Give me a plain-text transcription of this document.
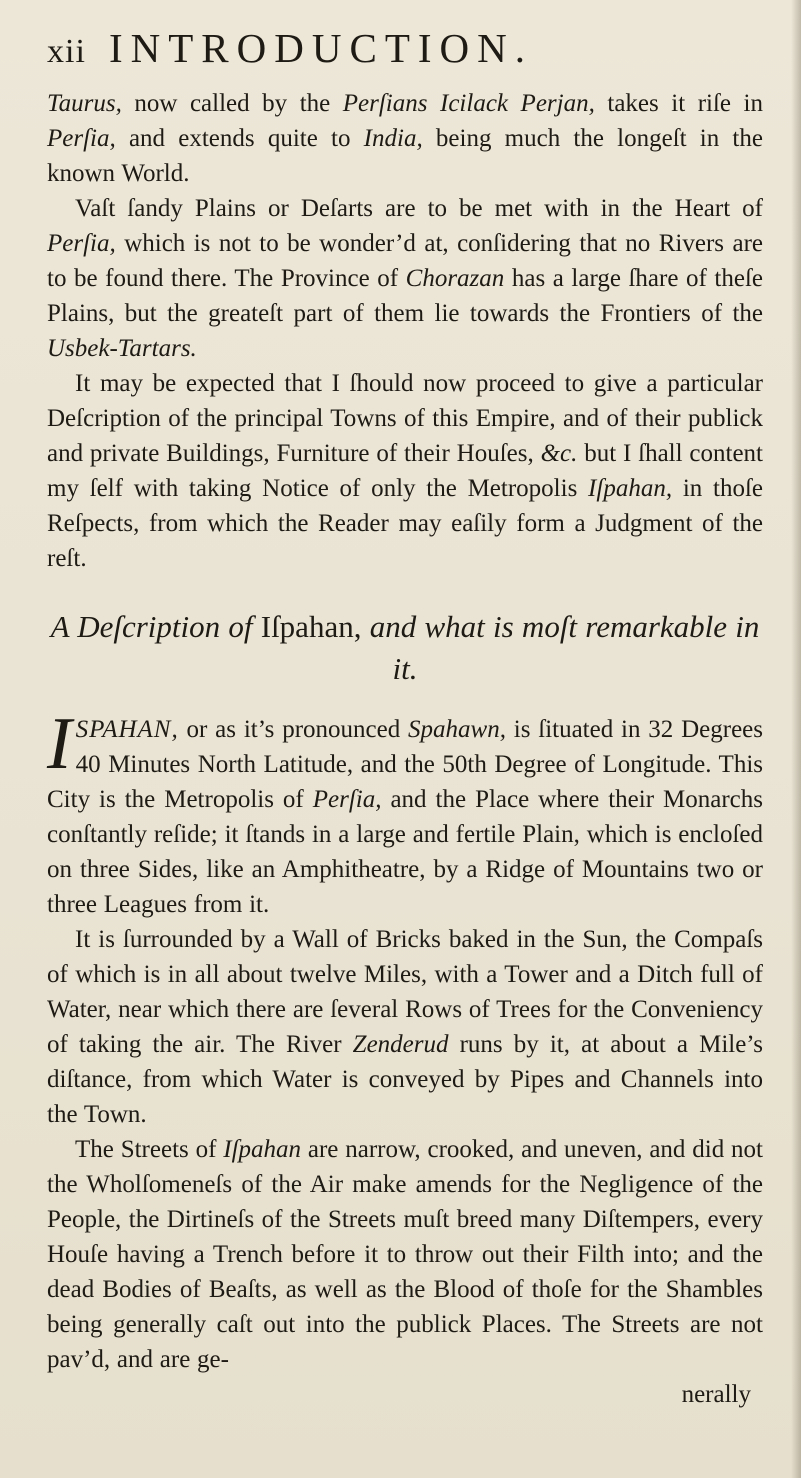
xii INTRODUCTION.

Taurus, now called by the Perſians Icilack Perjan, takes it riſe in Perſia, and extends quite to India, being much the longeſt in the known World.

Vaſt ſandy Plains or Deſarts are to be met with in the Heart of Perſia, which is not to be wonder’d at, conſidering that no Rivers are to be found there. The Province of Chorazan has a large ſhare of theſe Plains, but the greateſt part of them lie towards the Frontiers of the Usbek-Tartars.

It may be expected that I ſhould now proceed to give a particular Deſcription of the principal Towns of this Empire, and of their publick and private Buildings, Furniture of their Houſes, &c. but I ſhall content my ſelf with taking Notice of only the Metropolis Iſpahan, in thoſe Reſpects, from which the Reader may eaſily form a Judgment of the reſt.

A Deſcription of Iſpahan, and what is moſt remarkable in it.

ISPAHAN, or as it’s pronounced Spahawn, is ſituated in 32 Degrees 40 Minutes North Latitude, and the 50th Degree of Longitude. This City is the Metropolis of Perſia, and the Place where their Monarchs conſtantly reſide; it ſtands in a large and fertile Plain, which is encloſed on three Sides, like an Amphitheatre, by a Ridge of Mountains two or three Leagues from it.

It is ſurrounded by a Wall of Bricks baked in the Sun, the Compaſs of which is in all about twelve Miles, with a Tower and a Ditch full of Water, near which there are ſeveral Rows of Trees for the Conveniency of taking the air. The River Zenderud runs by it, at about a Mile’s diſtance, from which Water is conveyed by Pipes and Channels into the Town.

The Streets of Iſpahan are narrow, crooked, and uneven, and did not the Wholſomeneſs of the Air make amends for the Negligence of the People, the Dirtineſs of the Streets muſt breed many Diſtempers, every Houſe having a Trench before it to throw out their Filth into; and the dead Bodies of Beaſts, as well as the Blood of thoſe for the Shambles being generally caſt out into the publick Places. The Streets are not pav’d, and are ge-

nerally
